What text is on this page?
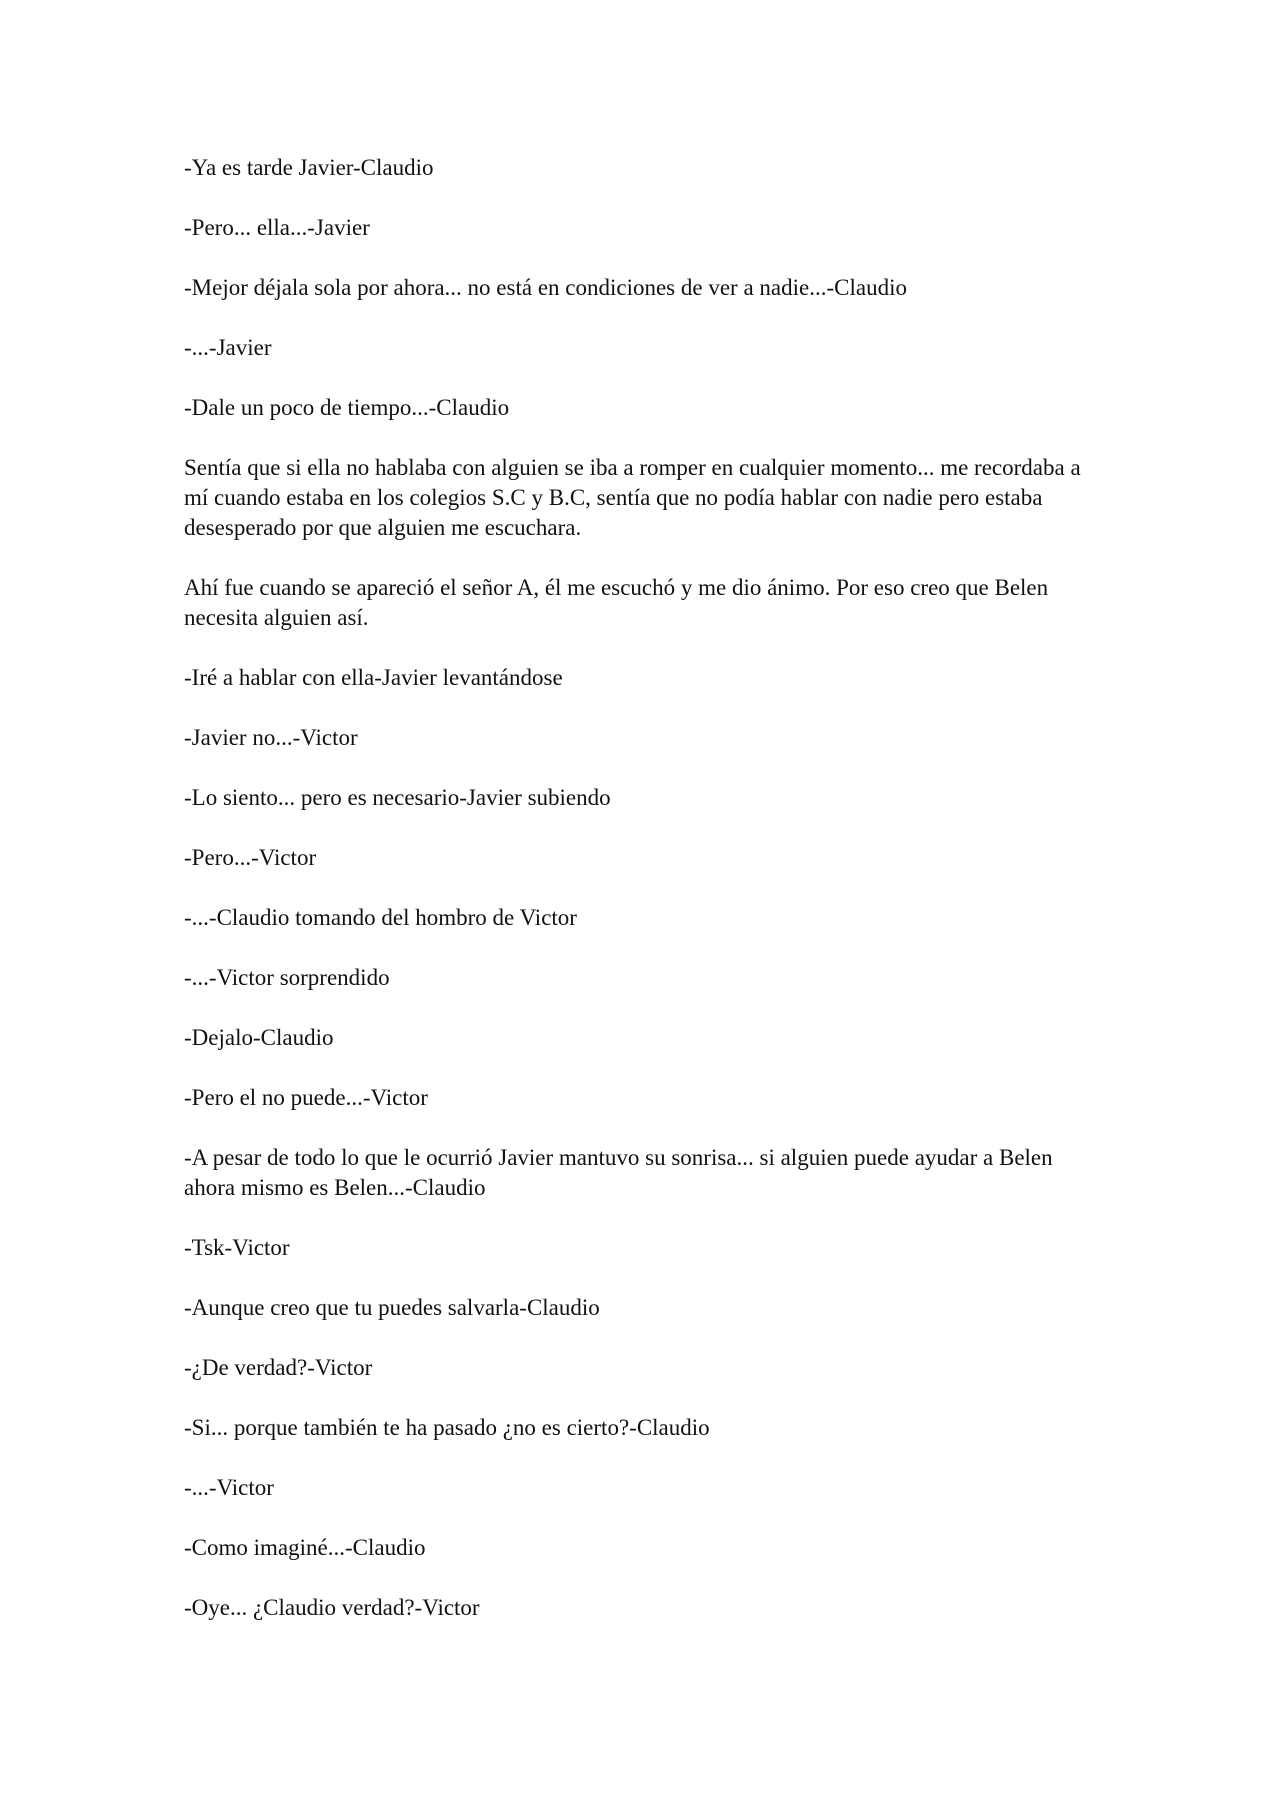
-Ya es tarde Javier-Claudio

-Pero... ella...-Javier

-Mejor déjala sola por ahora... no está en condiciones de ver a nadie...-Claudio

-...-Javier

-Dale un poco de tiempo...-Claudio

Sentía que si ella no hablaba con alguien se iba a romper en cualquier momento... me recordaba a mí cuando estaba en los colegios S.C y B.C, sentía que no podía hablar con nadie pero estaba desesperado por que alguien me escuchara.

Ahí fue cuando se apareció el señor A, él me escuchó y me dio ánimo. Por eso creo que Belen necesita alguien así.

-Iré a hablar con ella-Javier levantándose

-Javier no...-Victor

-Lo siento... pero es necesario-Javier subiendo

-Pero...-Victor

-...-Claudio tomando del hombro de Victor

-...-Victor sorprendido

-Dejalo-Claudio

-Pero el no puede...-Victor

-A pesar de todo lo que le ocurrió Javier mantuvo su sonrisa... si alguien puede ayudar a Belen ahora mismo es Belen...-Claudio

-Tsk-Victor

-Aunque creo que tu puedes salvarla-Claudio

-¿De verdad?-Victor

-Si... porque también te ha pasado ¿no es cierto?-Claudio

-...-Victor

-Como imaginé...-Claudio

-Oye... ¿Claudio verdad?-Victor
